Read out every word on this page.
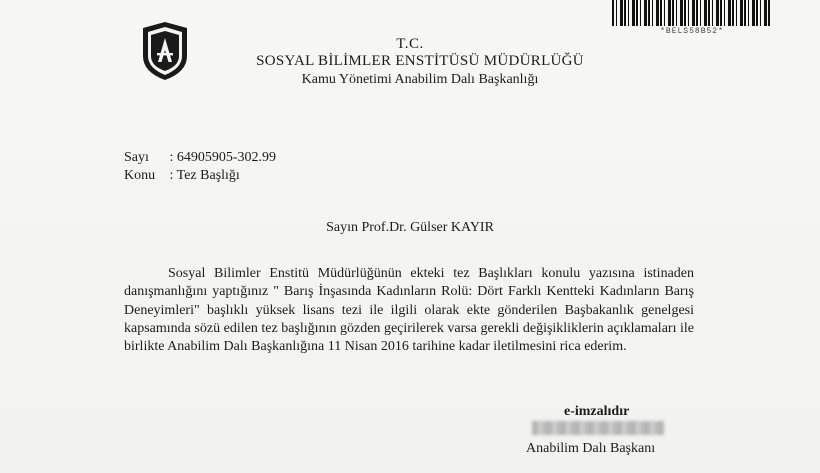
*BELS58B52*
T.C.
SOSYAL BİLİMLER ENSTİTÜSÜ MÜDÜRLÜĞÜ
Kamu Yönetimi Anabilim Dalı Başkanlığı
Sayı : 64905905-302.99
Konu : Tez Başlığı
Sayın Prof.Dr. Gülser KAYIR
Sosyal Bilimler Enstitü Müdürlüğünün ekteki tez Başlıkları konulu yazısına istinaden danışmanlığını yaptığınız " Barış İnşasında Kadınların Rolü: Dört Farklı Kentteki Kadınların Barış Deneyimleri" başlıklı yüksek lisans tezi ile ilgili olarak ekte gönderilen Başbakanlık genelgesi kapsamında sözü edilen tez başlığının gözden geçirilerek varsa gerekli değişikliklerin açıklamaları ile birlikte Anabilim Dalı Başkanlığına 11 Nisan 2016 tarihine kadar iletilmesini rica ederim.
e-imzalıdır
Anabilim Dalı Başkanı
